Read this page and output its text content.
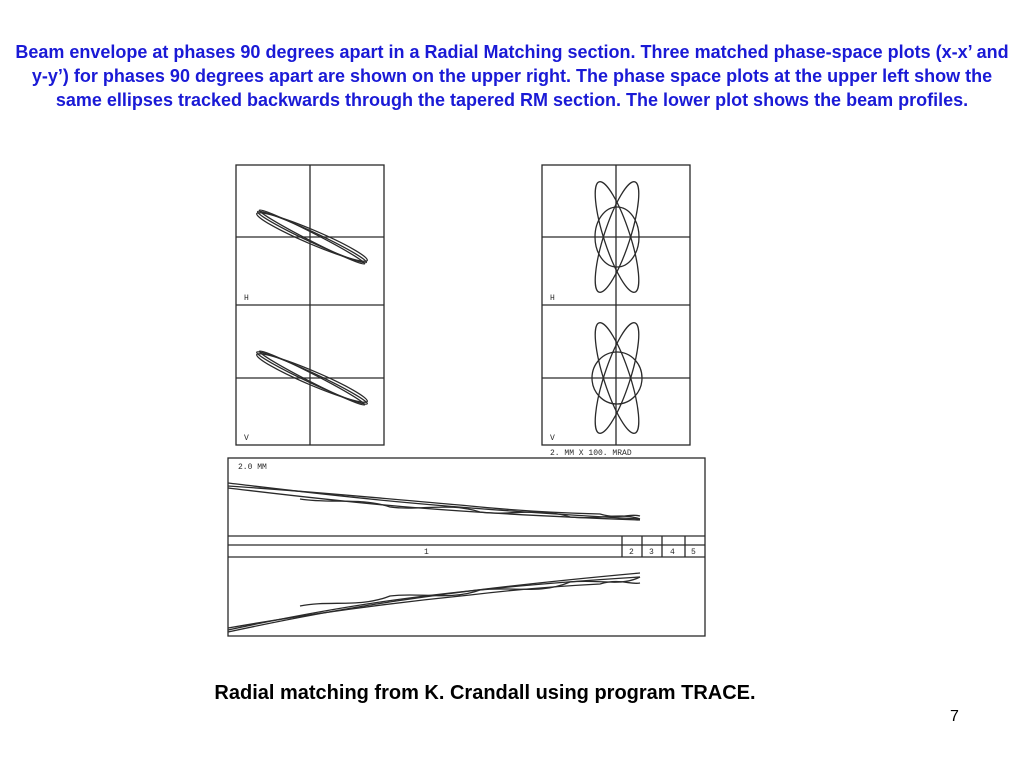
Beam envelope at phases 90 degrees apart in a Radial Matching section. Three matched phase-space plots (x-x’ and y-y’) for phases 90 degrees apart are shown on the upper right. The phase space plots at the upper left show the same ellipses tracked backwards through the tapered RM section. The lower plot shows the beam profiles.
H
V
H
V
2. MM X 100. MRAD
2.0 MM
1	2 3 4 5
Radial matching from K. Crandall using program TRACE.
7
